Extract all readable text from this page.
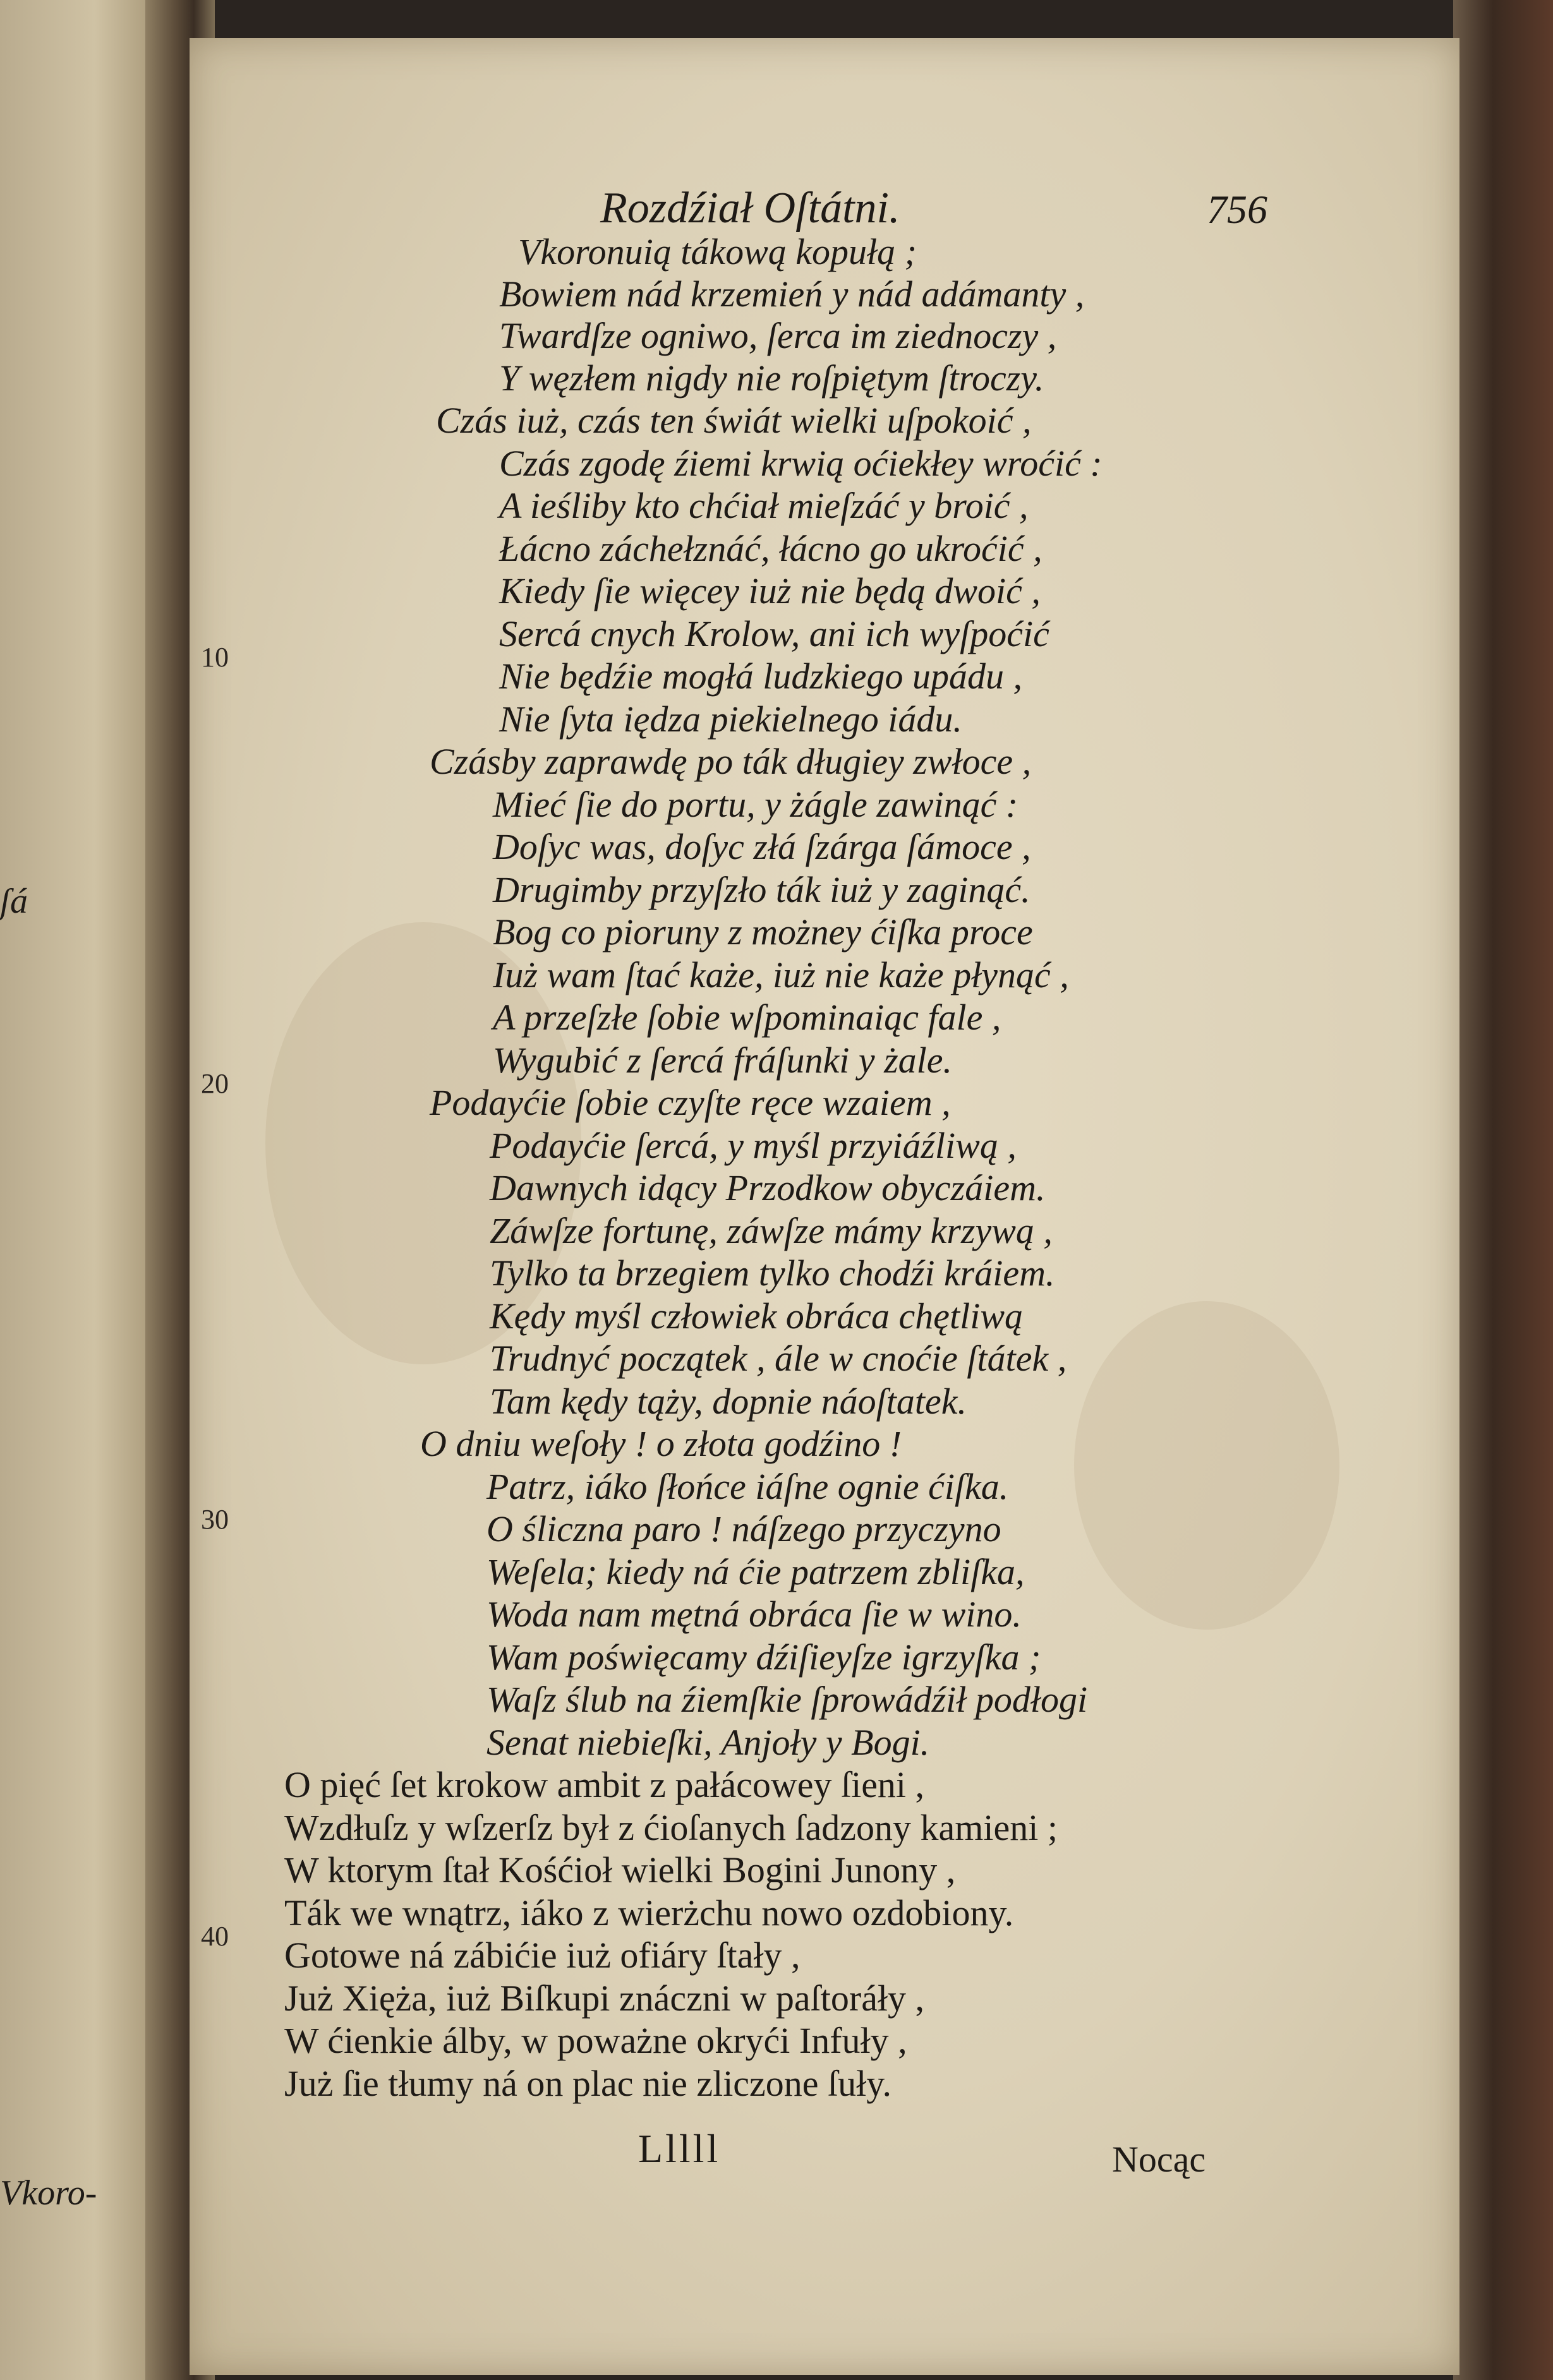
Vkoro-
ʃá
Rozdźiał Oſtátni.	756
10
20
30
40
Vkoronuią tákową kopułą ;
Bowiem nád krzemień y nád adámanty ,
Twardſze ogniwo, ſerca im ziednoczy ,
Y węzłem nigdy nie roſpiętym ſtroczy.
Czás iuż, czás ten świát wielki uſpokoić ,
Czás zgodę źiemi krwią oćiekłey wroćić :
A ieśliby kto chćiał mieſzáć y broić ,
Łácno záchełznáć, łácno go ukroćić ,
Kiedy ſie więcey iuż nie będą dwoić ,
Sercá cnych Krolow, ani ich wyſpoćić
Nie będźie mogłá ludzkiego upádu ,
Nie ſyta iędza piekielnego iádu.
Czásby zaprawdę po ták długiey zwłoce ,
Mieć ſie do portu, y żágle zawinąć :
Doſyc was, doſyc złá ſzárga ſámoce ,
Drugimby przyſzło ták iuż y zaginąć.
Bog co pioruny z możney ćiſka proce
Iuż wam ſtać każe, iuż nie każe płynąć ,
A przeſzłe ſobie wſpominaiąc fale ,
Wygubić z ſercá fráſunki y żale.
Podayćie ſobie czyſte ręce wzaiem ,
Podayćie ſercá, y myśl przyiáźliwą ,
Dawnych idący Przodkow obyczáiem.
Záwſze fortunę, záwſze mámy krzywą ,
Tylko ta brzegiem tylko chodźi kráiem.
Kędy myśl człowiek obráca chętliwą
Trudnyć początek , ále w cnoćie ſtátek ,
Tam kędy tąży, dopnie náoſtatek.
O dniu weſoły ! o złota godźino !
Patrz, iáko ſłońce iáſne ognie ćiſka.
O śliczna paro ! náſzego przyczyno
Weſela; kiedy ná ćie patrzem zbliſka,
Woda nam mętná obráca ſie w wino.
Wam poświęcamy dźiſieyſze igrzyſka ;
Waſz ślub na źiemſkie ſprowádźił podłogi
Senat niebieſki, Anjoły y Bogi.
O pięć ſet krokow ambit z pałácowey ſieni ,
Wzdłuſz y wſzerſz był z ćioſanych ſadzony kamieni ;
W ktorym ſtał Kośćioł wielki Bogini Junony ,
Ták we wnątrz, iáko z wierżchu nowo ozdobiony.
Gotowe ná zábićie iuż ofiáry ſtały ,
Już Xięża, iuż Biſkupi znáczni w paſtoráły ,
W ćienkie álby, w poważne okryći Infuły ,
Już ſie tłumy ná on plac nie zliczone ſuły.
Lllll	Nocąc
